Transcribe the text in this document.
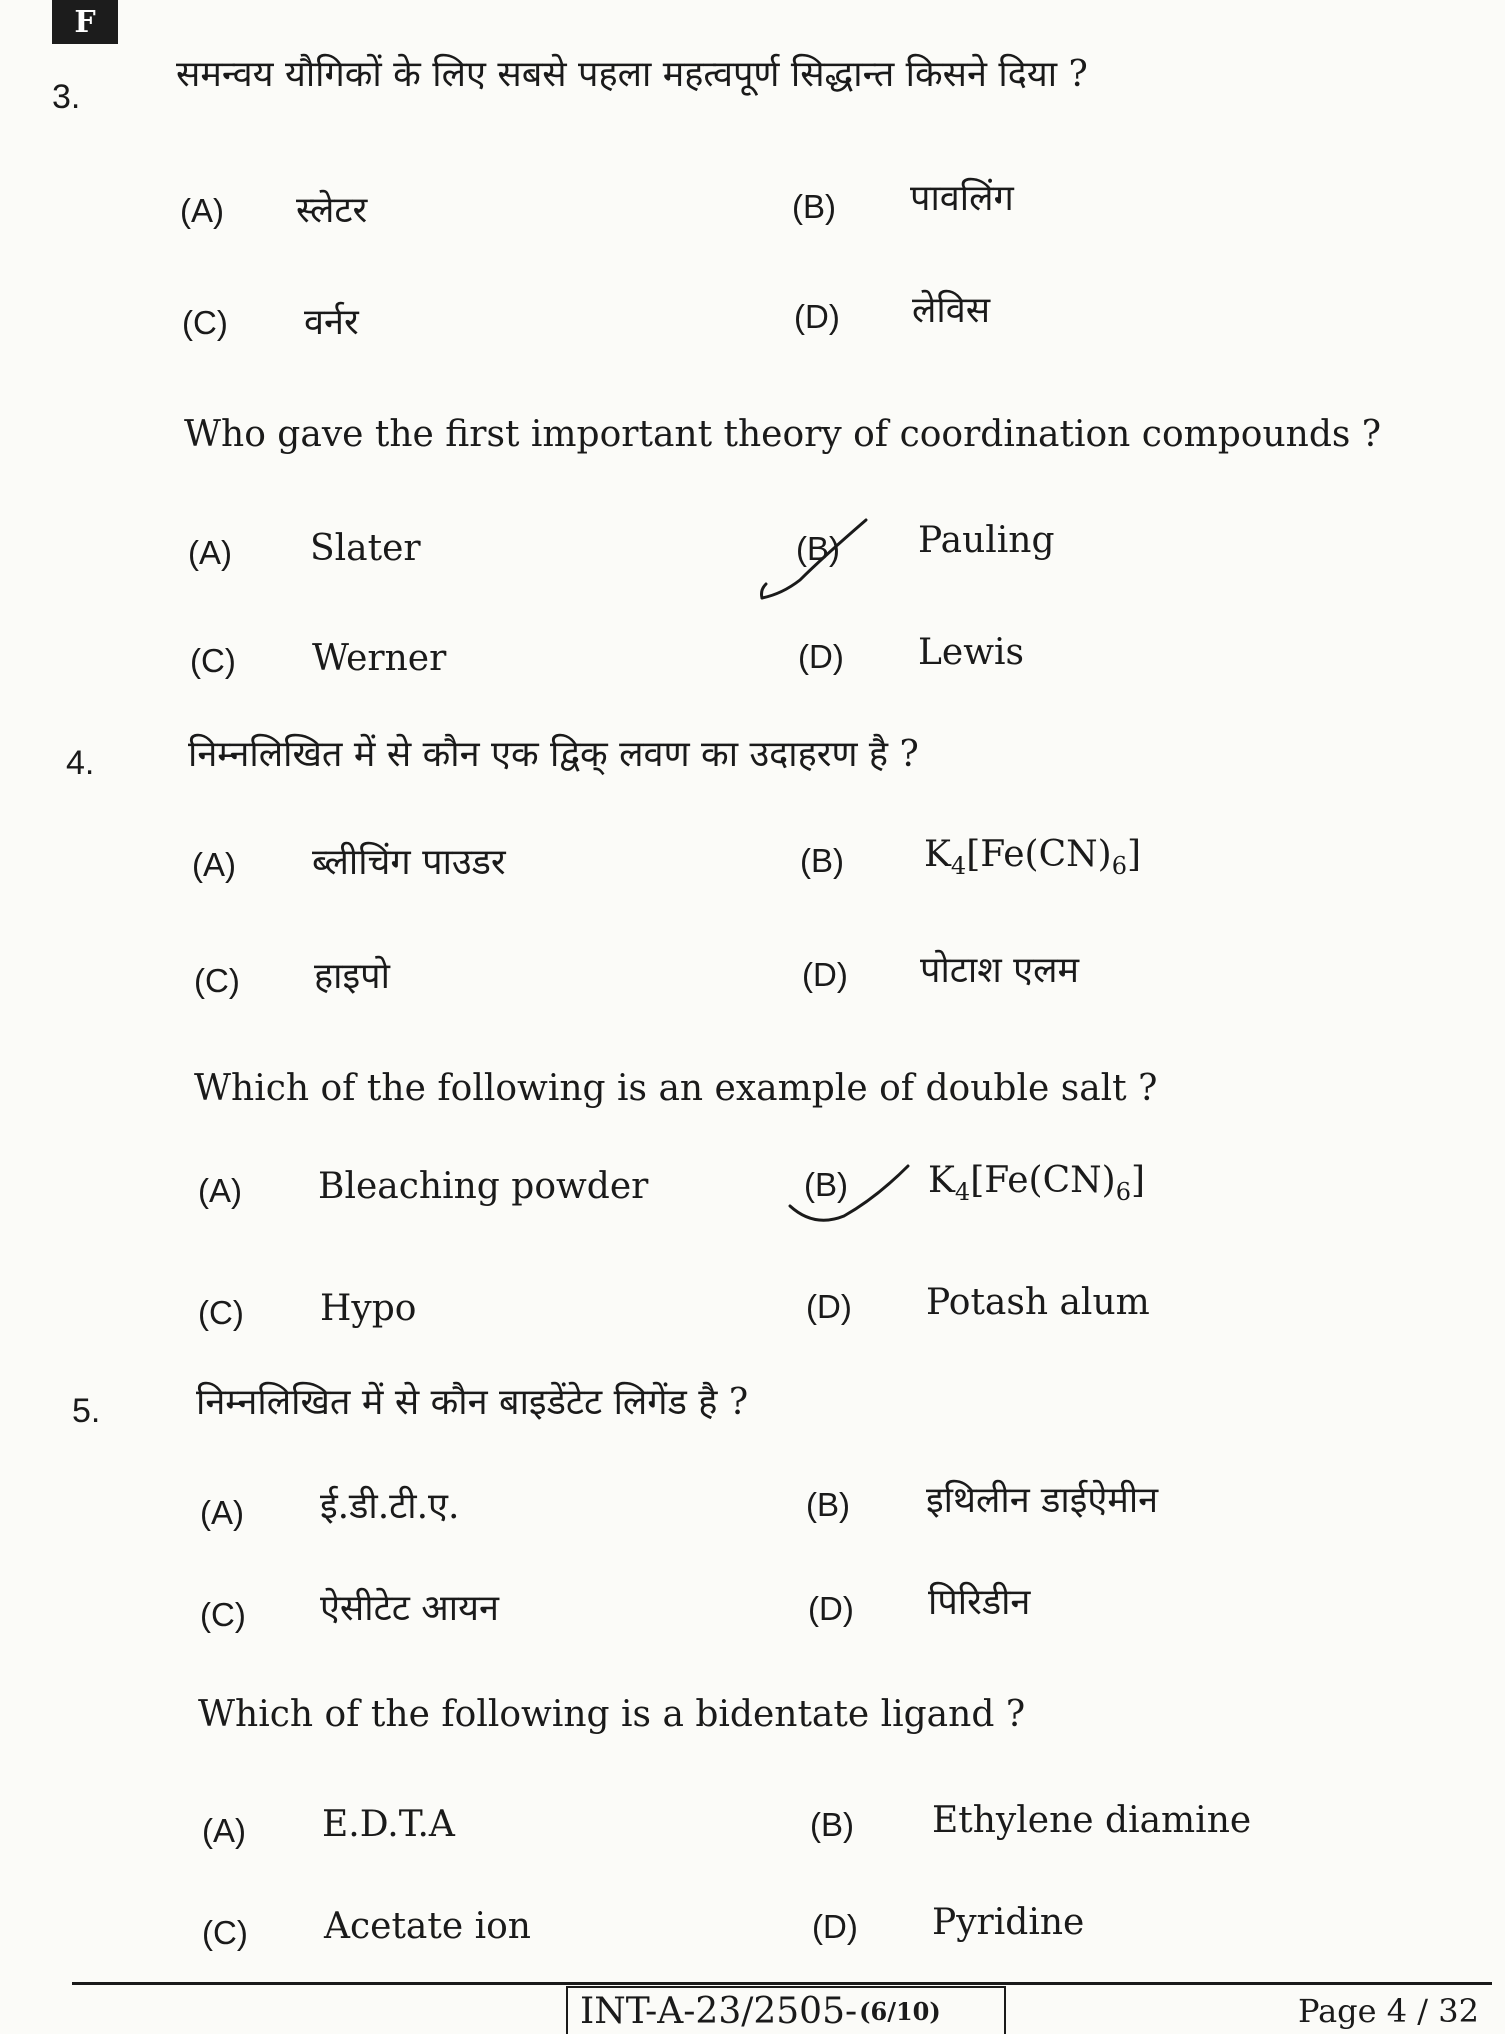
F
3.
समन्वय यौगिकों के लिए सबसे पहला महत्वपूर्ण सिद्धान्त किसने दिया ?
(A) स्लेटर	(B) पावलिंग
(C) वर्नर	(D) लेविस
Who gave the first important theory of coordination compounds ?
(A) Slater	(B) Pauling
(C) Werner	(D) Lewis
4.	निम्नलिखित में से कौन एक द्विक् लवण का उदाहरण है ?
(A) ब्लीचिंग पाउडर	(B) $K_4[Fe(CN)_6]$
(C) हाइपो	(D) पोटाश एलम
Which of the following is an example of double salt ?
(A) Bleaching powder	(B) $K_4[Fe(CN)_6]$
(C) Hypo	(D) Potash alum
5.	निम्नलिखित में से कौन बाइडेंटेट लिगेंड है ?
(A) ई.डी.टी.ए.	(B) इथिलीन डाईऐमीन
(C) ऐसीटेट आयन	(D) पिरिडीन
Which of the following is a bidentate ligand ?
(A) E.D.T.A	(B) Ethylene diamine
(C) Acetate ion	(D) Pyridine
INT-A-23/2505- (6/10)	Page 4 / 32
